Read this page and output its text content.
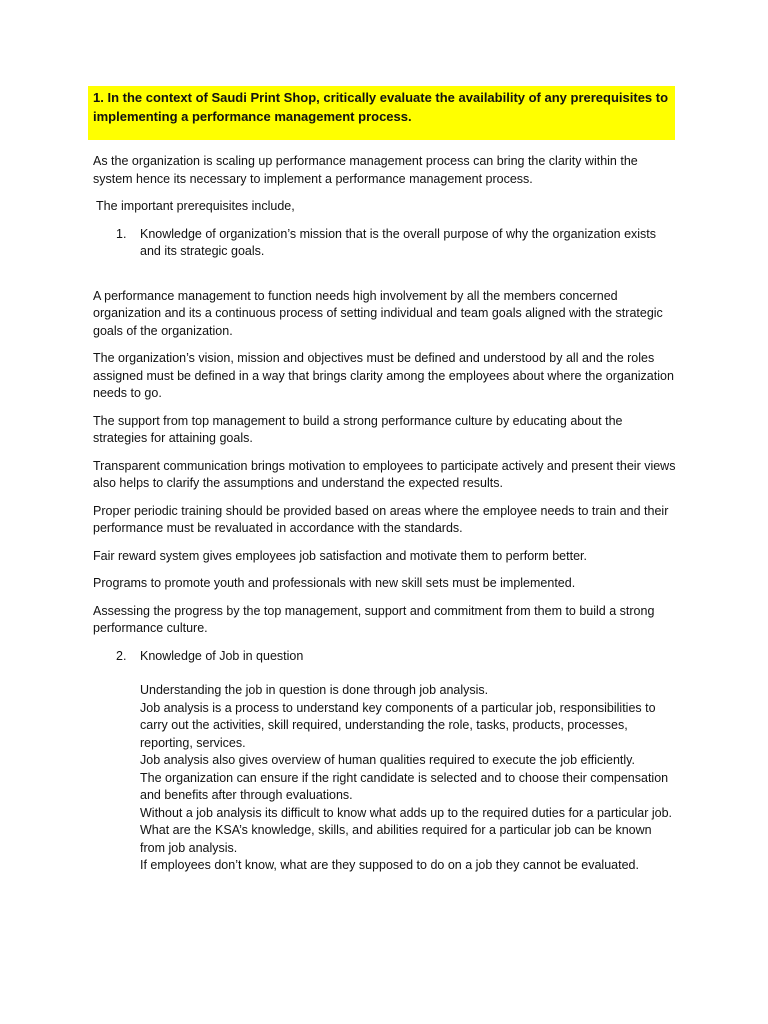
1. In the context of Saudi Print Shop, critically evaluate the availability of any prerequisites to implementing a performance management process.

As the organization is scaling up performance management process can bring the clarity within the system hence its necessary to implement a performance management process.

The important prerequisites include,

1.	Knowledge of organization’s mission that is the overall purpose of why the organization exists and its strategic goals.

A performance management to function needs high involvement by all the members concerned organization and its a continuous process of setting individual and team goals aligned with the strategic goals of the organization.

The organization’s vision, mission and objectives must be defined and understood by all and the roles assigned must be defined in a way that brings clarity among the employees about where the organization needs to go.

The support from top management to build a strong performance culture by educating about the strategies for attaining goals.

Transparent communication brings motivation to employees to participate actively and present their views also helps to clarify the assumptions and understand the expected results.

Proper periodic training should be provided based on areas where the employee needs to train and their performance must be revaluated in accordance with the standards.

Fair reward system gives employees job satisfaction and motivate them to perform better.

Programs to promote youth and professionals with new skill sets must be implemented.

Assessing the progress by the top management, support and commitment from them to build a strong performance culture.

2.	Knowledge of Job in question

Understanding the job in question is done through job analysis.

Job analysis is a process to understand key components of a particular job, responsibilities to carry out the activities, skill required, understanding the role, tasks, products, processes, reporting, services.

Job analysis also gives overview of human qualities required to execute the job efficiently.

The organization can ensure if the right candidate is selected and to choose their compensation and benefits after through evaluations.

Without a job analysis its difficult to know what adds up to the required duties for a particular job.

What are the KSA’s knowledge, skills, and abilities required for a particular job can be known from job analysis.

If employees don’t know, what are they supposed to do on a job they cannot be evaluated.
